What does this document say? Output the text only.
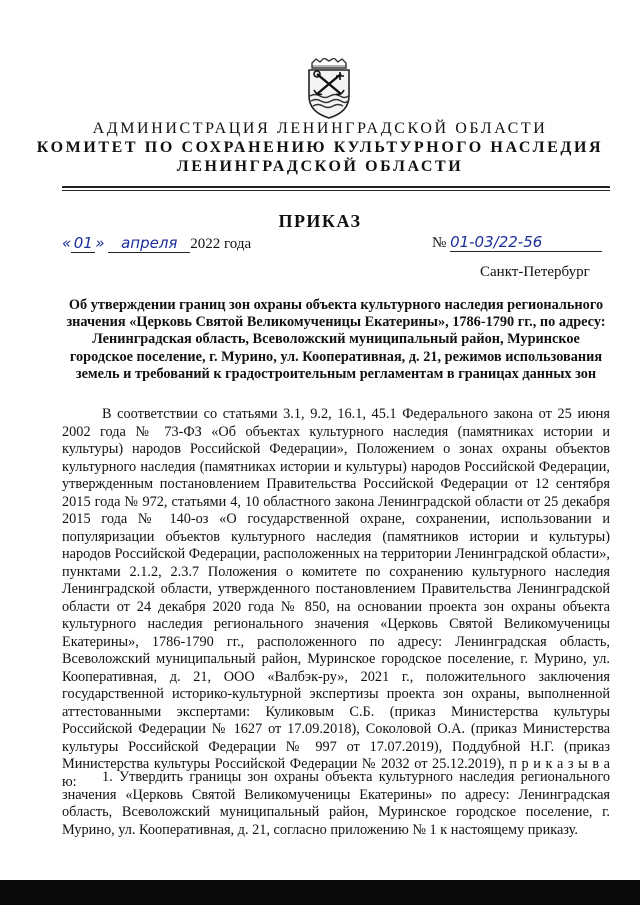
АДМИНИСТРАЦИЯ ЛЕНИНГРАДСКОЙ ОБЛАСТИ
КОМИТЕТ ПО СОХРАНЕНИЮ КУЛЬТУРНОГО НАСЛЕДИЯ
ЛЕНИНГРАДСКОЙ ОБЛАСТИ
ПРИКАЗ
« 01 » апреля 2022 года	№ 01-03/22-56
Санкт-Петербург
Об утверждении границ зон охраны объекта культурного наследия регионального значения «Церковь Святой Великомученицы Екатерины», 1786-1790 гг., по адресу: Ленинградская область, Всеволожский муниципальный район, Муринское городское поселение, г. Мурино, ул. Кооперативная, д. 21, режимов использования земель и требований к градостроительным регламентам в границах данных зон
В соответствии со статьями 3.1, 9.2, 16.1, 45.1 Федерального закона от 25 июня 2002 года № 73-ФЗ «Об объектах культурного наследия (памятниках истории и культуры) народов Российской Федерации», Положением о зонах охраны объектов культурного наследия (памятниках истории и культуры) народов Российской Федерации, утвержденным постановлением Правительства Российской Федерации от 12 сентября 2015 года № 972, статьями 4, 10 областного закона Ленинградской области от 25 декабря 2015 года № 140-оз «О государственной охране, сохранении, использовании и популяризации объектов культурного наследия (памятников истории и культуры) народов Российской Федерации, расположенных на территории Ленинградской области», пунктами 2.1.2, 2.3.7 Положения о комитете по сохранению культурного наследия Ленинградской области, утвержденного постановлением Правительства Ленинградской области от 24 декабря 2020 года № 850, на основании проекта зон охраны объекта культурного наследия регионального значения «Церковь Святой Великомученицы Екатерины», 1786-1790 гг., расположенного по адресу: Ленинградская область, Всеволожский муниципальный район, Муринское городское поселение, г. Мурино, ул. Кооперативная, д. 21, ООО «Валбэк-ру», 2021 г., положительного заключения государственной историко-культурной экспертизы проекта зон охраны, выполненной аттестованными экспертами: Куликовым С.Б. (приказ Министерства культуры Российской Федерации № 1627 от 17.09.2018), Соколовой О.А. (приказ Министерства культуры Российской Федерации № 997 от 17.07.2019), Поддубной Н.Г. (приказ Министерства культуры Российской Федерации № 2032 от 25.12.2019), п р и к а з ы в а ю:	1. Утвердить границы зон охраны объекта культурного наследия регионального значения «Церковь Святой Великомученицы Екатерины» по адресу: Ленинградская область, Всеволожский муниципальный район, Муринское городское поселение, г. Мурино, ул. Кооперативная, д. 21, согласно приложению № 1 к настоящему приказу.
